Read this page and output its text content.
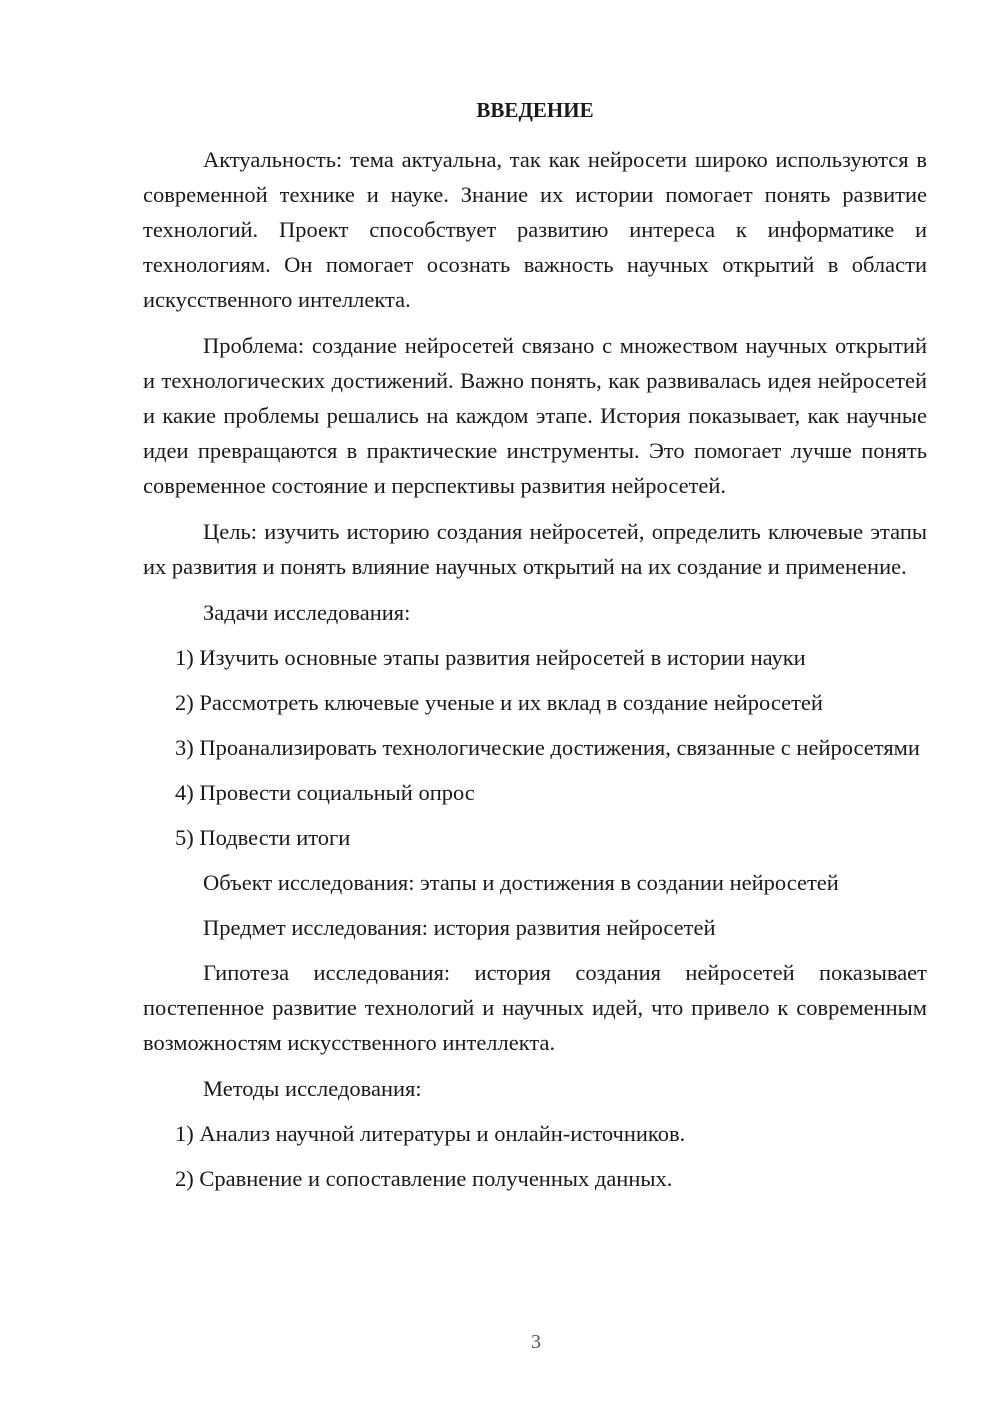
ВВЕДЕНИЕ

Актуальность: тема актуальна, так как нейросети широко используются в современной технике и науке. Знание их истории помогает понять развитие технологий. Проект способствует развитию интереса к информатике и технологиям. Он помогает осознать важность научных открытий в области искусственного интеллекта.

Проблема: создание нейросетей связано с множеством научных открытий и технологических достижений. Важно понять, как развивалась идея нейросетей и какие проблемы решались на каждом этапе. История показывает, как научные идеи превращаются в практические инструменты. Это помогает лучше понять современное состояние и перспективы развития нейросетей.

Цель: изучить историю создания нейросетей, определить ключевые этапы их развития и понять влияние научных открытий на их создание и применение.

Задачи исследования:
1) Изучить основные этапы развития нейросетей в истории науки
2) Рассмотреть ключевые ученые и их вклад в создание нейросетей
3) Проанализировать технологические достижения, связанные с нейросетями
4) Провести социальный опрос
5) Подвести итоги
Объект исследования: этапы и достижения в создании нейросетей
Предмет исследования: история развития нейросетей

Гипотеза исследования: история создания нейросетей показывает постепенное развитие технологий и научных идей, что привело к современным возможностям искусственного интеллекта.

Методы исследования:
1) Анализ научной литературы и онлайн-источников.
2) Сравнение и сопоставление полученных данных.
3
